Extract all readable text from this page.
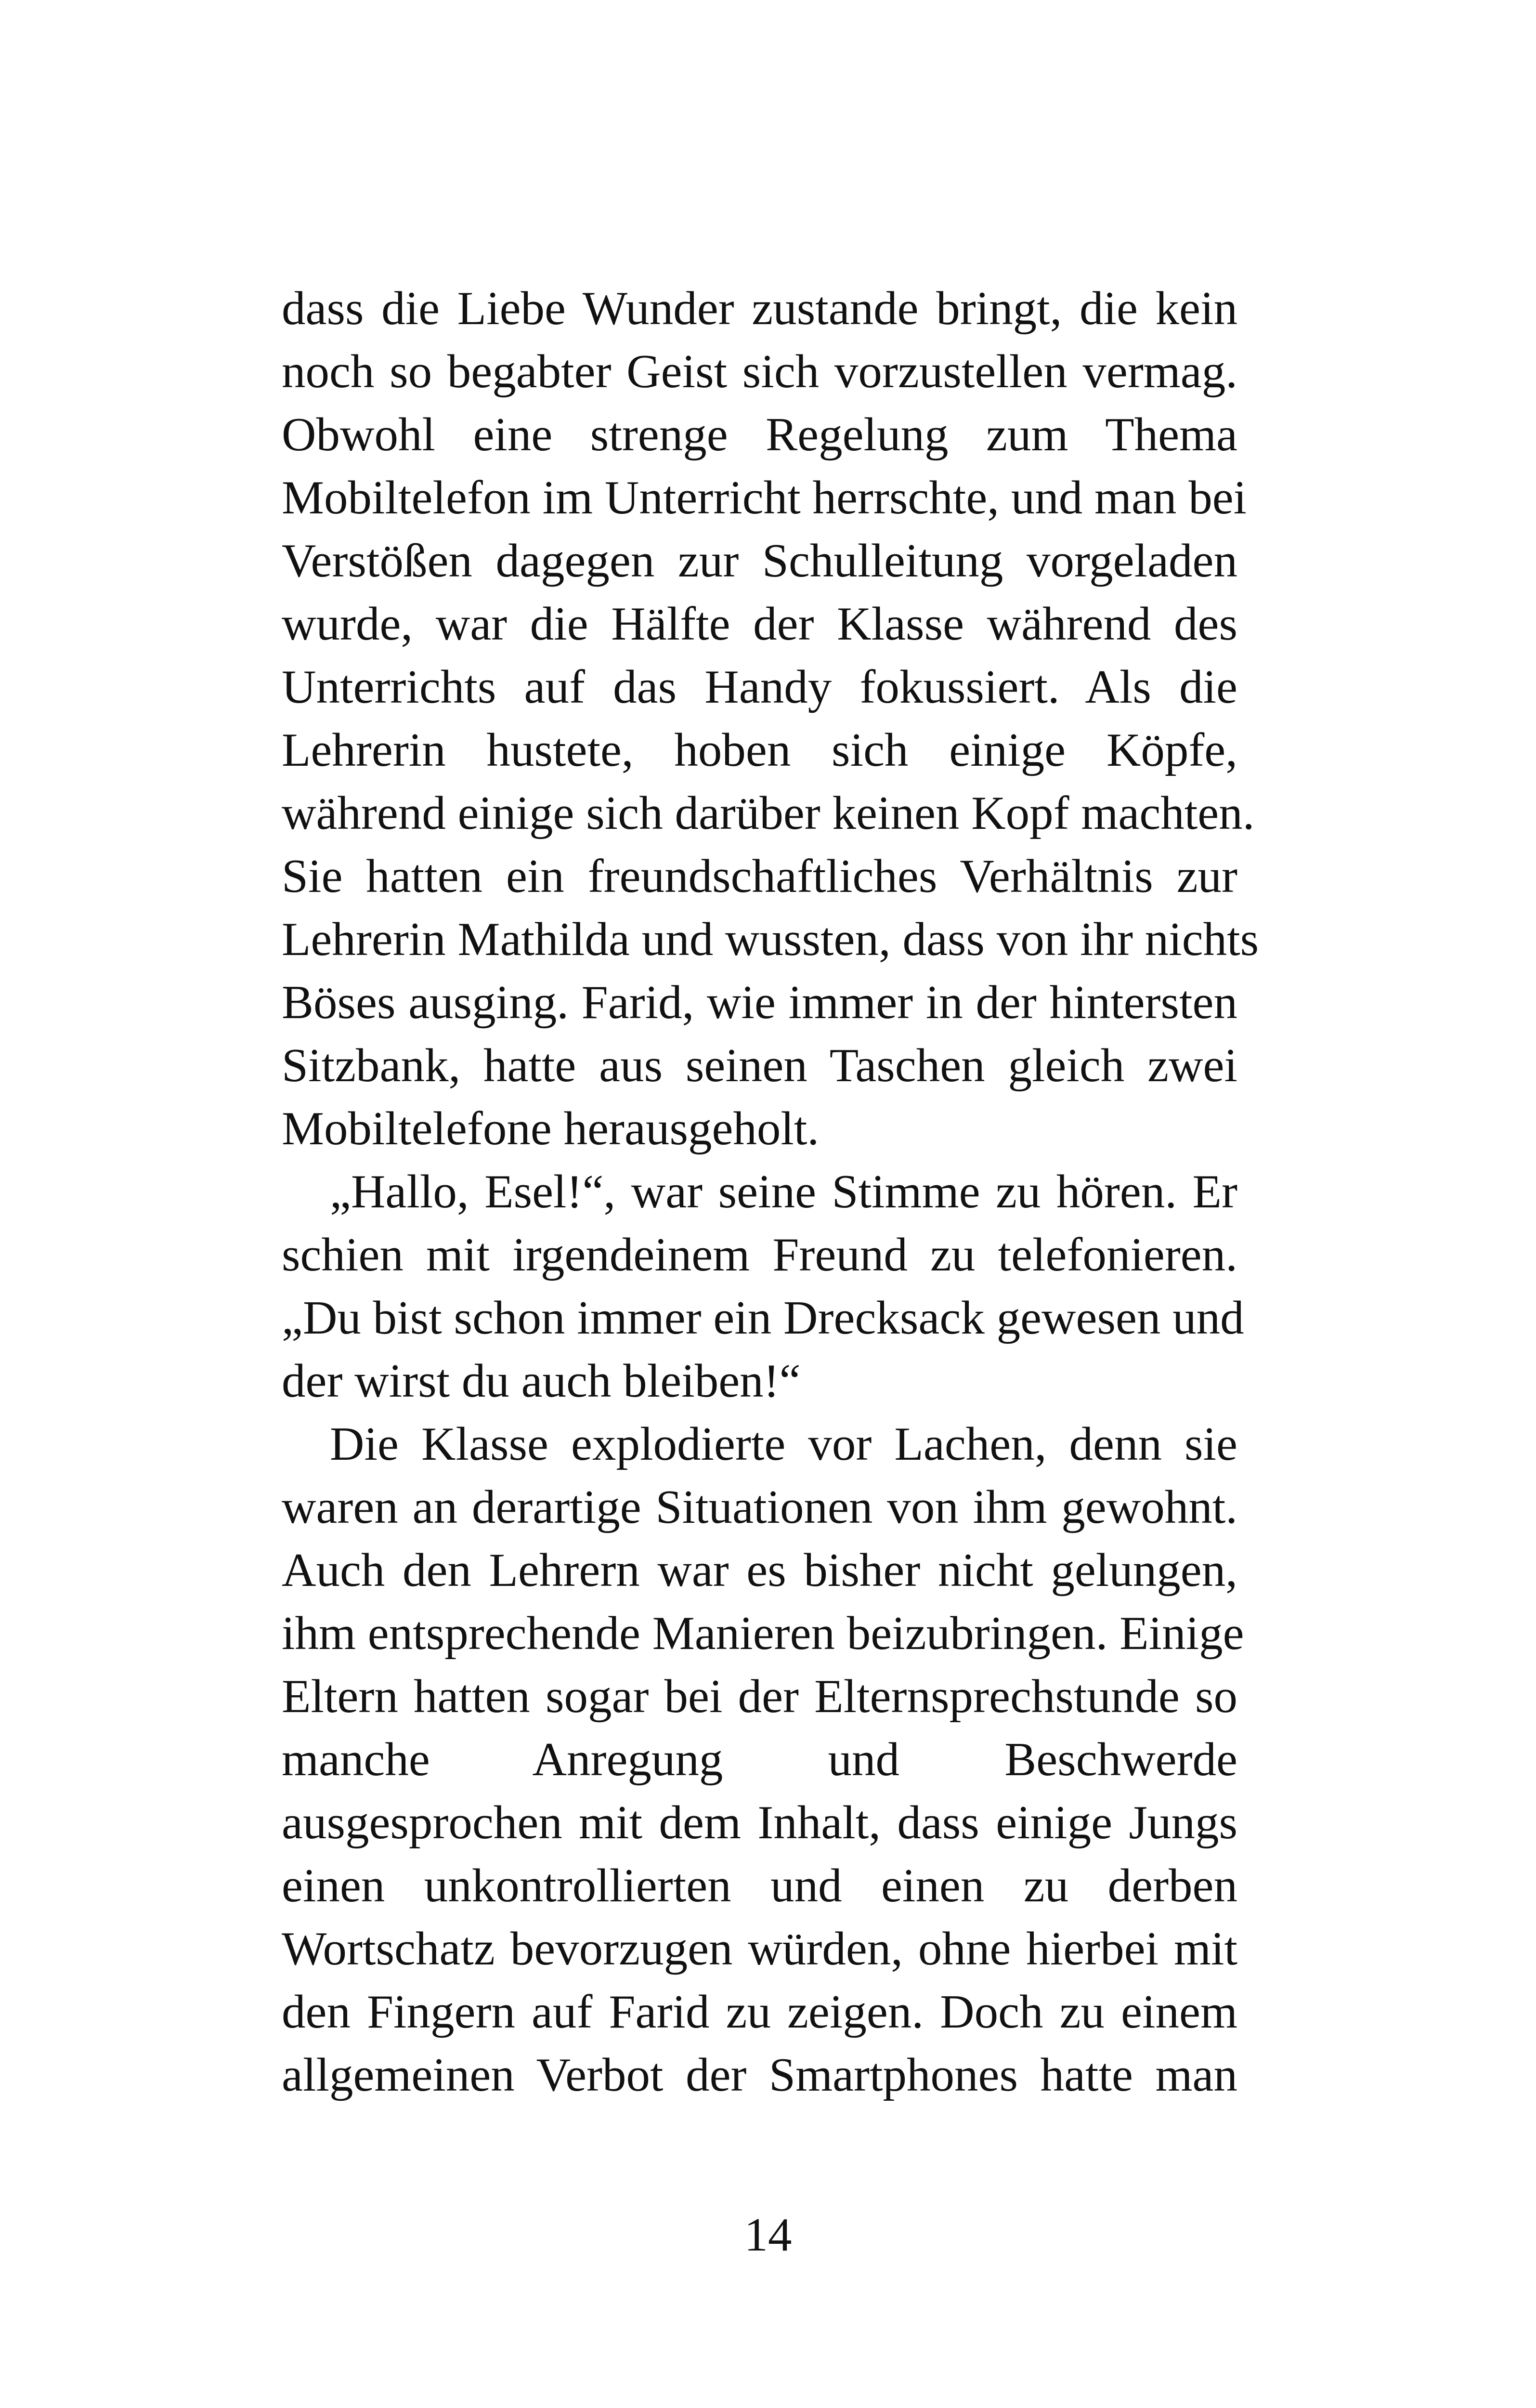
dass die Liebe Wunder zustande bringt, die kein
noch so begabter Geist sich vorzustellen vermag.
Obwohl eine strenge Regelung zum Thema
Mobiltelefon im Unterricht herrschte, und man bei
Verstößen dagegen zur Schulleitung vorgeladen
wurde, war die Hälfte der Klasse während des
Unterrichts auf das Handy fokussiert. Als die
Lehrerin hustete, hoben sich einige Köpfe,
während einige sich darüber keinen Kopf machten.
Sie hatten ein freundschaftliches Verhältnis zur
Lehrerin Mathilda und wussten, dass von ihr nichts
Böses ausging. Farid, wie immer in der hintersten
Sitzbank, hatte aus seinen Taschen gleich zwei
Mobiltelefone herausgeholt.
„Hallo, Esel!“, war seine Stimme zu hören. Er
schien mit irgendeinem Freund zu telefonieren.
„Du bist schon immer ein Drecksack gewesen und
der wirst du auch bleiben!“
Die Klasse explodierte vor Lachen, denn sie
waren an derartige Situationen von ihm gewohnt.
Auch den Lehrern war es bisher nicht gelungen,
ihm entsprechende Manieren beizubringen. Einige
Eltern hatten sogar bei der Elternsprechstunde so
manche Anregung und Beschwerde
ausgesprochen mit dem Inhalt, dass einige Jungs
einen unkontrollierten und einen zu derben
Wortschatz bevorzugen würden, ohne hierbei mit
den Fingern auf Farid zu zeigen. Doch zu einem
allgemeinen Verbot der Smartphones hatte man
14
